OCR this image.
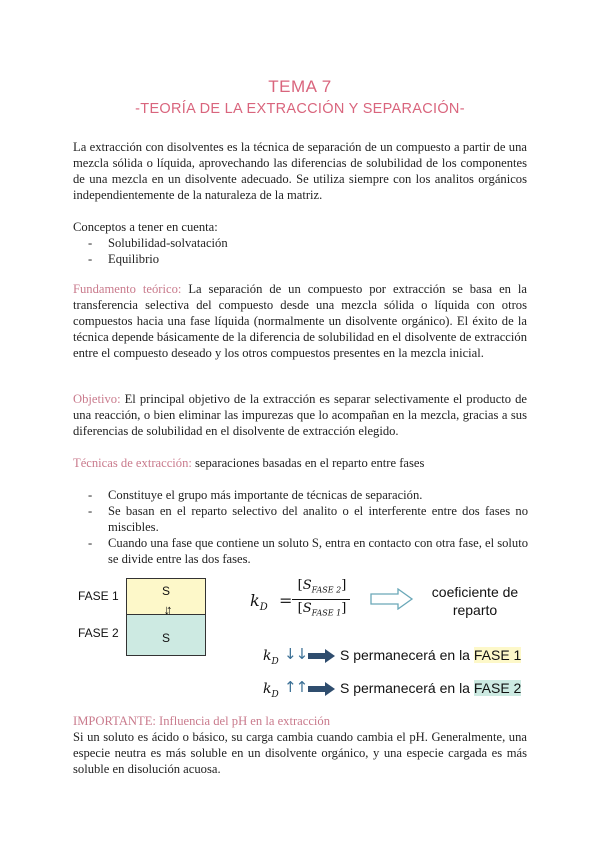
TEMA 7
-TEORÍA DE LA EXTRACCIÓN Y SEPARACIÓN-
La extracción con disolventes es la técnica de separación de un compuesto a partir de una mezcla sólida o líquida, aprovechando las diferencias de solubilidad de los componentes de una mezcla en un disolvente adecuado. Se utiliza siempre con los analitos orgánicos independientemente de la naturaleza de la matriz.
Conceptos a tener en cuenta:
- Solubilidad-solvatación
- Equilibrio
Fundamento teórico: La separación de un compuesto por extracción se basa en la transferencia selectiva del compuesto desde una mezcla sólida o líquida con otros compuestos hacia una fase líquida (normalmente un disolvente orgánico). El éxito de la técnica depende básicamente de la diferencia de solubilidad en el disolvente de extracción entre el compuesto deseado y los otros compuestos presentes en la mezcla inicial.
Objetivo: El principal objetivo de la extracción es separar selectivamente el producto de una reacción, o bien eliminar las impurezas que lo acompañan en la mezcla, gracias a sus diferencias de solubilidad en el disolvente de extracción elegido.
Técnicas de extracción: separaciones basadas en el reparto entre fases
- Constituye el grupo más importante de técnicas de separación.
- Se basan en el reparto selectivo del analito o el interferente entre dos fases no miscibles.
- Cuando una fase que contiene un soluto S, entra en contacto con otra fase, el soluto se divide entre las dos fases.
FASE 1
FASE 2
S
↓↑
S
$k_D$ =
$[S_{FASE 2}]$
$[S_{FASE 1}]$
coeficiente de reparto
$k_D$ ↓↓ S permanecerá en la FASE 1
$k_D$ ↑↑ S permanecerá en la FASE 2
IMPORTANTE: Influencia del pH en la extracción
Si un soluto es ácido o básico, su carga cambia cuando cambia el pH. Generalmente, una especie neutra es más soluble en un disolvente orgánico, y una especie cargada es más soluble en disolución acuosa.
